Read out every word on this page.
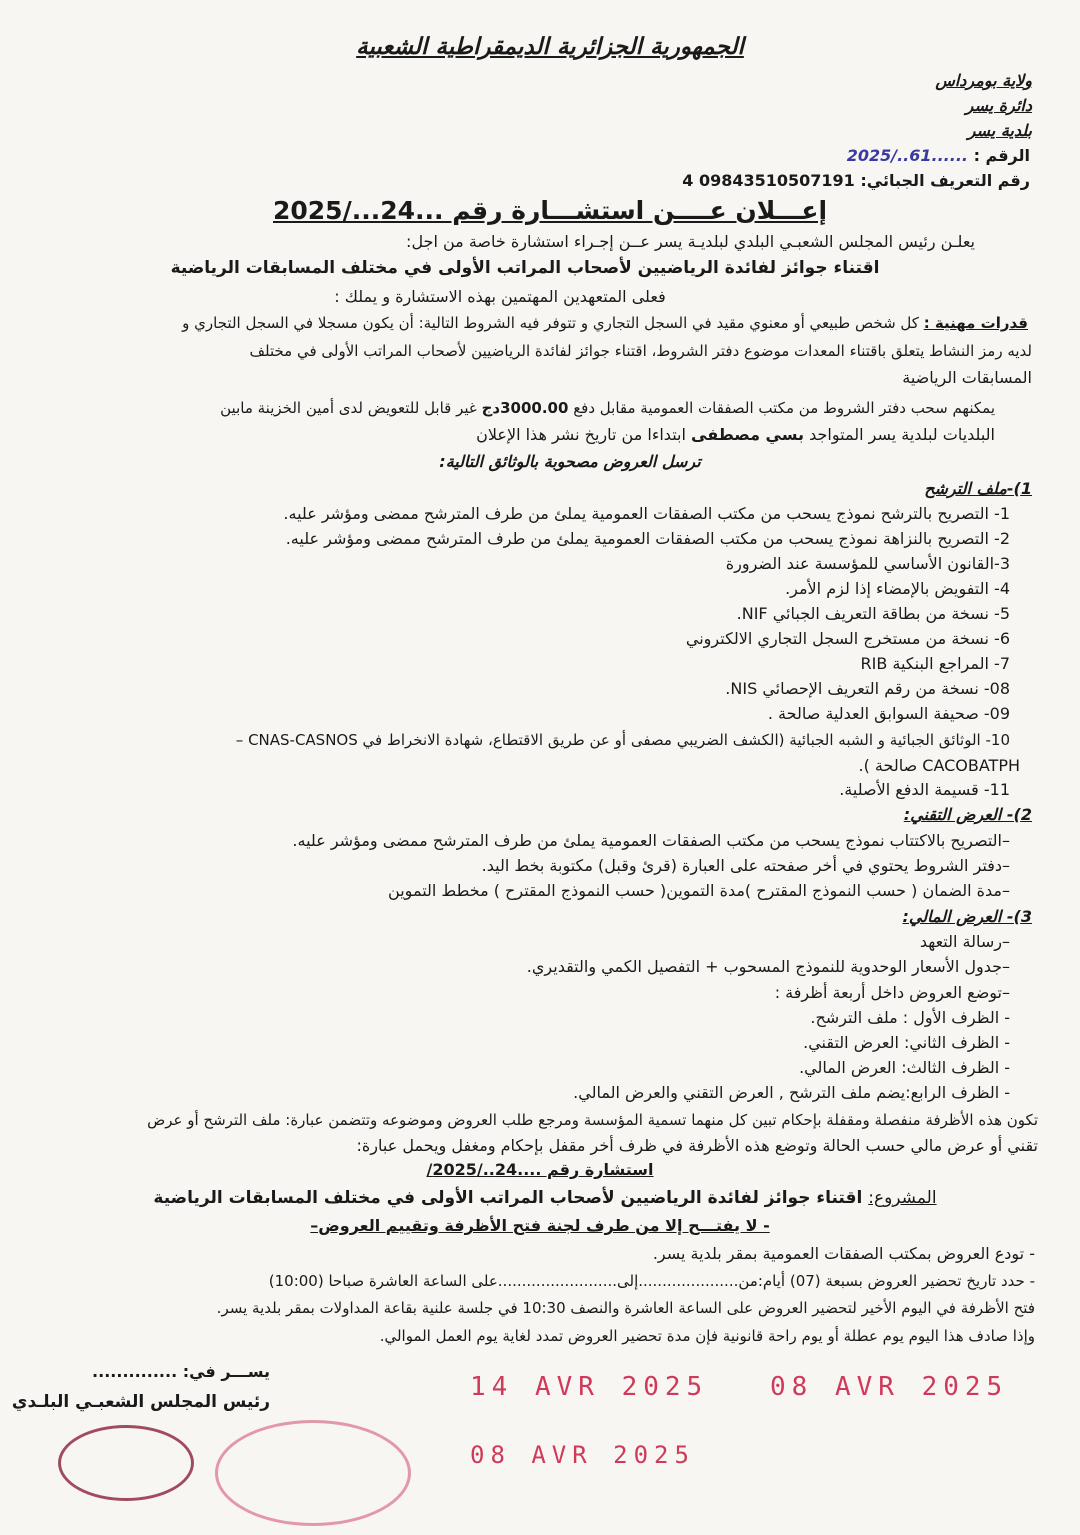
الجمهورية الجزائرية الديمقراطية الشعبية
ولاية بومرداس
دائرة يسر
بلدية يسر
الرقم : ......61../2025
رقم التعريف الجبائي: 09843510507191 4
إعـــلان عــــن استشـــارة رقم ...24.../2025
يعلـن رئيس المجلس الشعبـي البلدي لبلديـة يسر عــن إجـراء استشارة خاصة من اجل:
اقتناء جوائز لفائدة الرياضيين لأصحاب المراتب الأولى في مختلف المسابقات الرياضية
فعلى المتعهدين المهتمين بهذه الاستشارة و يملك :
قدرات مهنية : كل شخص طبيعي أو معنوي مقيد في السجل التجاري و تتوفر فيه الشروط التالية: أن يكون مسجلا في السجل التجاري و
لديه رمز النشاط يتعلق باقتناء المعدات موضوع دفتر الشروط، اقتناء جوائز لفائدة الرياضيين لأصحاب المراتب الأولى في مختلف
المسابقات الرياضية
يمكنهم سحب دفتر الشروط من مكتب الصفقات العمومية مقابل دفع 3000.00دج غير قابل للتعويض لدى أمين الخزينة مابين
البلديات لبلدية يسر المتواجد بسي مصطفى ابتداءا من تاريخ نشر هذا الإعلان
ترسل العروض مصحوبة بالوثائق التالية:
1)-ملف الترشح
1- التصريح بالترشح نموذج يسحب من مكتب الصفقات العمومية يملئ من طرف المترشح ممضى ومؤشر عليه.
2- التصريح بالنزاهة نموذج يسحب من مكتب الصفقات العمومية يملئ من طرف المترشح ممضى ومؤشر عليه.
3-القانون الأساسي للمؤسسة عند الضرورة
4- التفويض بالإمضاء إذا لزم الأمر.
5- نسخة من بطاقة التعريف الجبائي NIF.
6- نسخة من مستخرج السجل التجاري الالكتروني
7- المراجع البنكية RIB
08- نسخة من رقم التعريف الإحصائي NIS.
09- صحيفة السوابق العدلية صالحة .
10- الوثائق الجبائية و الشبه الجبائية (الكشف الضريبي مصفى أو عن طريق الاقتطاع، شهادة الانخراط في CNAS-CASNOS –
CACOBATPH صالحة ).
11- قسيمة الدفع الأصلية.
2)- العرض التقني:
–التصريح بالاكتتاب نموذج يسحب من مكتب الصفقات العمومية يملئ من طرف المترشح ممضى ومؤشر عليه.
–دفتر الشروط يحتوي في أخر صفحته على العبارة (قرئ وقبل) مكتوبة بخط اليد.
–مدة الضمان ( حسب النموذج المقترح )مدة التموين( حسب النموذج المقترح ) مخطط التموين
3)- العرض المالي:
–رسالة التعهد
–جدول الأسعار الوحدوية للنموذج المسحوب + التفصيل الكمي والتقديري.
–توضع العروض داخل أربعة أظرفة :
- الظرف الأول : ملف الترشح.
- الظرف الثاني: العرض التقني.
- الظرف الثالث: العرض المالي.
- الظرف الرابع:يضم ملف الترشح , العرض التقني والعرض المالي.
تكون هذه الأظرفة منفصلة ومقفلة بإحكام تبين كل منهما تسمية المؤسسة ومرجع طلب العروض وموضوعه وتتضمن عبارة: ملف الترشح أو عرض
تقني أو عرض مالي حسب الحالة وتوضع هذه الأظرفة في ظرف أخر مقفل بإحكام ومغفل ويحمل عبارة:
استشارة رقم ....24../2025/
المشروع: اقتناء جوائز لفائدة الرياضيين لأصحاب المراتب الأولى في مختلف المسابقات الرياضية
- لا يفتـــح إلا من طرف لجنة فتح الأظرفة وتقييم العروض–
- تودع العروض بمكتب الصفقات العمومية بمقر بلدية يسر.
- حدد تاريخ تحضير العروض بسبعة (07) أيام:من.....................إلى.........................على الساعة العاشرة صباحا (10:00)
فتح الأظرفة في اليوم الأخير لتحضير العروض على الساعة العاشرة والنصف 10:30 في جلسة علنية بقاعة المداولات بمقر بلدية يسر.
وإذا صادف هذا اليوم يوم عطلة أو يوم راحة قانونية فإن مدة تحضير العروض تمدد لغاية يوم العمل الموالي.
يســـر في: ..............
رئيس المجلس الشعبـي البلـدي	14 AVR 2025 08 AVR 2025
08 AVR 2025
